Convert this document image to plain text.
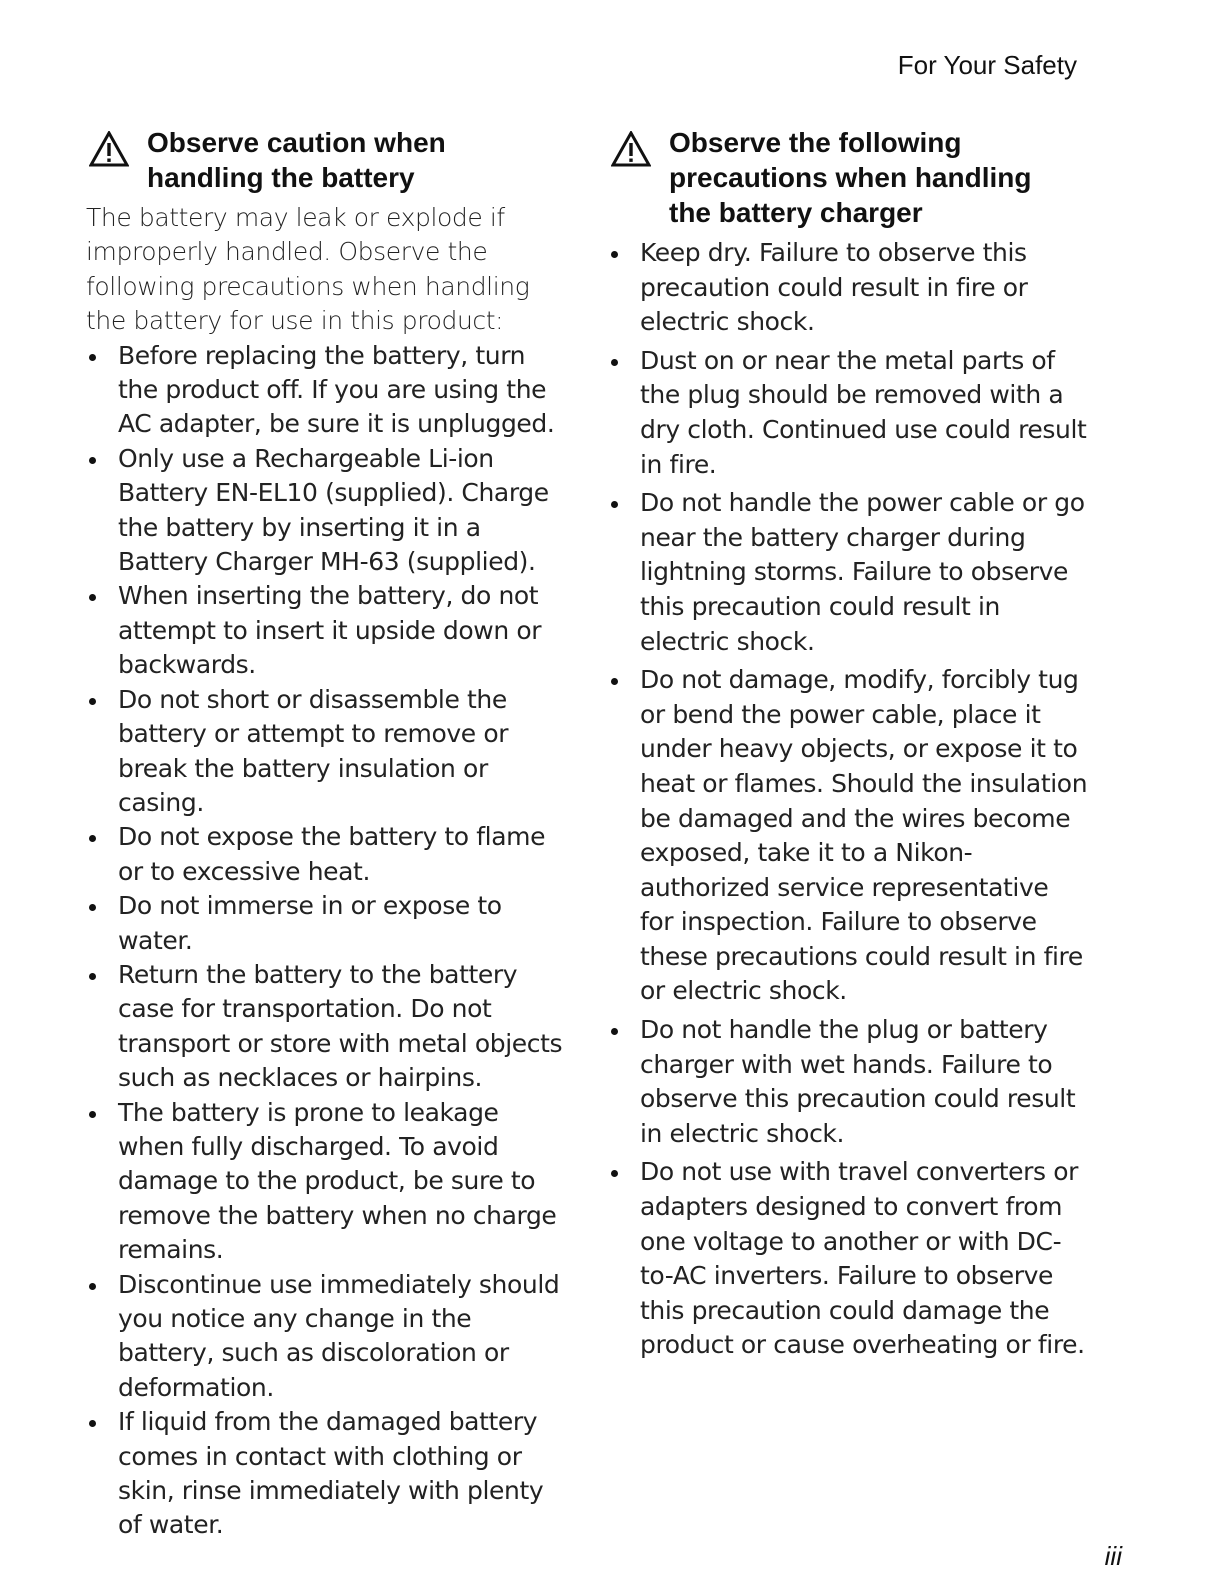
For Your Safety
Observe caution when
handling the battery

The battery may leak or explode if improperly handled. Observe the following precautions when handling the battery for use in this product:

Before replacing the battery, turn the product off. If you are using the AC adapter, be sure it is unplugged.
Only use a Rechargeable Li-ion Battery EN-EL10 (supplied). Charge the battery by inserting it in a Battery Charger MH-63 (supplied).
When inserting the battery, do not attempt to insert it upside down or backwards.
Do not short or disassemble the battery or attempt to remove or break the battery insulation or casing.
Do not expose the battery to flame or to excessive heat.
Do not immerse in or expose to water.
Return the battery to the battery case for transportation. Do not transport or store with metal objects such as necklaces or hairpins.
The battery is prone to leakage when fully discharged. To avoid damage to the product, be sure to remove the battery when no charge remains.
Discontinue use immediately should you notice any change in the battery, such as discoloration or deformation.
If liquid from the damaged battery comes in contact with clothing or skin, rinse immediately with plenty of water.
Observe the following
precautions when handling
the battery charger
Keep dry. Failure to observe this precaution could result in fire or electric shock.
Dust on or near the metal parts of the plug should be removed with a dry cloth. Continued use could result in fire.
Do not handle the power cable or go near the battery charger during lightning storms. Failure to observe this precaution could result in electric shock.
Do not damage, modify, forcibly tug or bend the power cable, place it under heavy objects, or expose it to heat or flames. Should the insulation be damaged and the wires become exposed, take it to a Nikon-authorized service representative for inspection. Failure to observe these precautions could result in fire or electric shock.
Do not handle the plug or battery charger with wet hands. Failure to observe this precaution could result in electric shock.
Do not use with travel converters or adapters designed to convert from one voltage to another or with DC-to-AC inverters. Failure to observe this precaution could damage the product or cause overheating or fire.
iii
